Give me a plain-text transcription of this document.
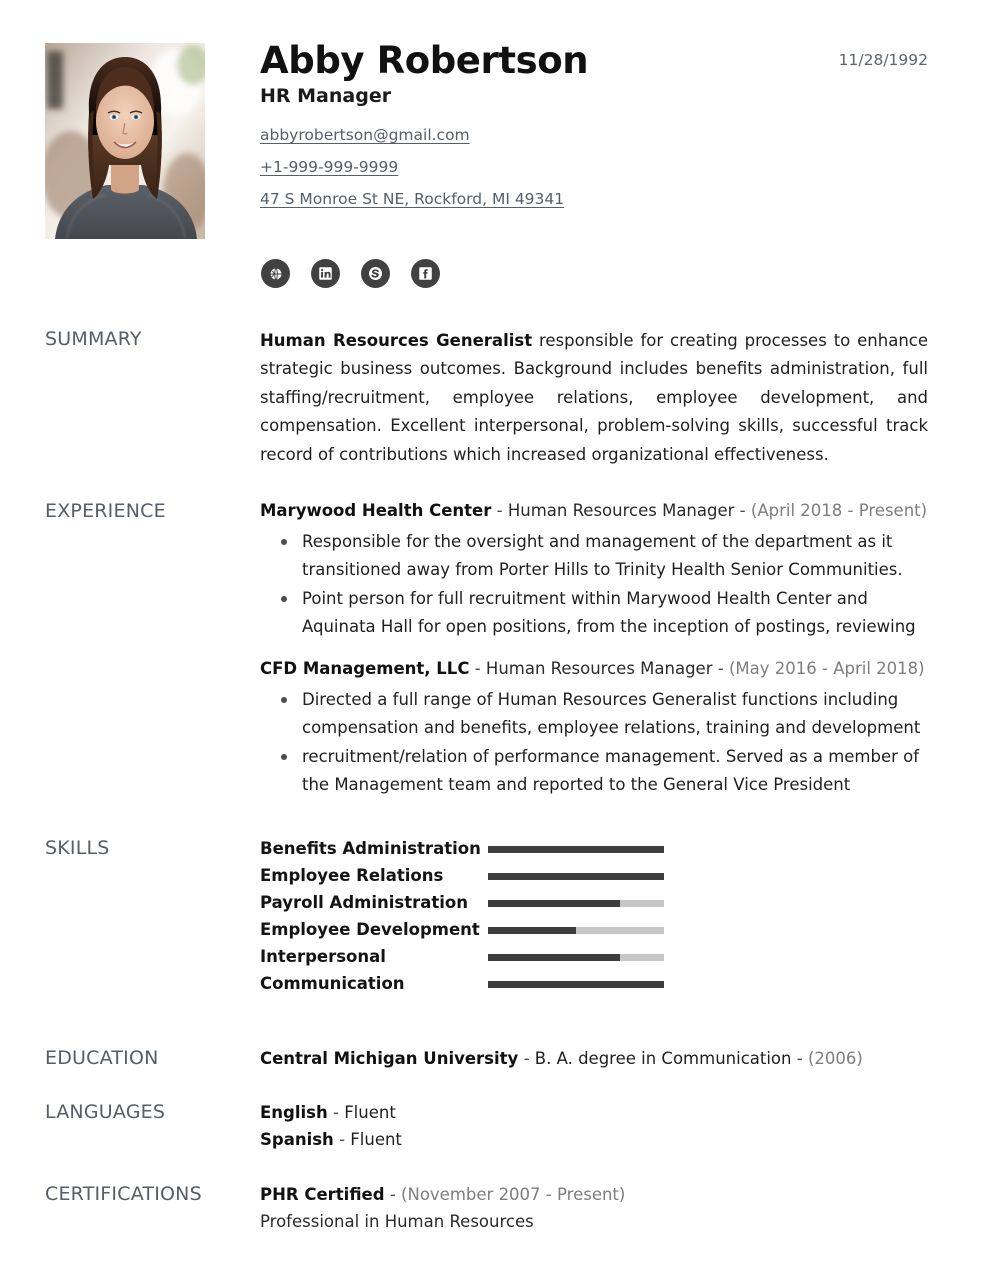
Abby Robertson
HR Manager
abbyrobertson@gmail.com
+1-999-999-9999
47 S Monroe St NE, Rockford, MI 49341
11/28/1992
SUMMARY	Human Resources Generalist responsible for creating processes to enhance strategic business outcomes. Background includes benefits administration, full staffing/recruitment, employee relations, employee development, and compensation. Excellent interpersonal, problem-solving skills, successful track record of contributions which increased organizational effectiveness.

EXPERIENCE	Marywood Health Center - Human Resources Manager - (April 2018 - Present)
Responsible for the oversight and management of the department as it transitioned away from Porter Hills to Trinity Health Senior Communities.
Point person for full recruitment within Marywood Health Center and Aquinata Hall for open positions, from the inception of postings, reviewing
CFD Management, LLC - Human Resources Manager - (May 2016 - April 2018)
Directed a full range of Human Resources Generalist functions including compensation and benefits, employee relations, training and development
recruitment/relation of performance management. Served as a member of the Management team and reported to the General Vice President
SKILLS	Benefits Administration
Employee Relations
Payroll Administration
Employee Development
Interpersonal
Communication
EDUCATION	Central Michigan University - B. A. degree in Communication - (2006)
LANGUAGES	English - Fluent
Spanish - Fluent
CERTIFICATIONS	PHR Certified - (November 2007 - Present)
Professional in Human Resources
